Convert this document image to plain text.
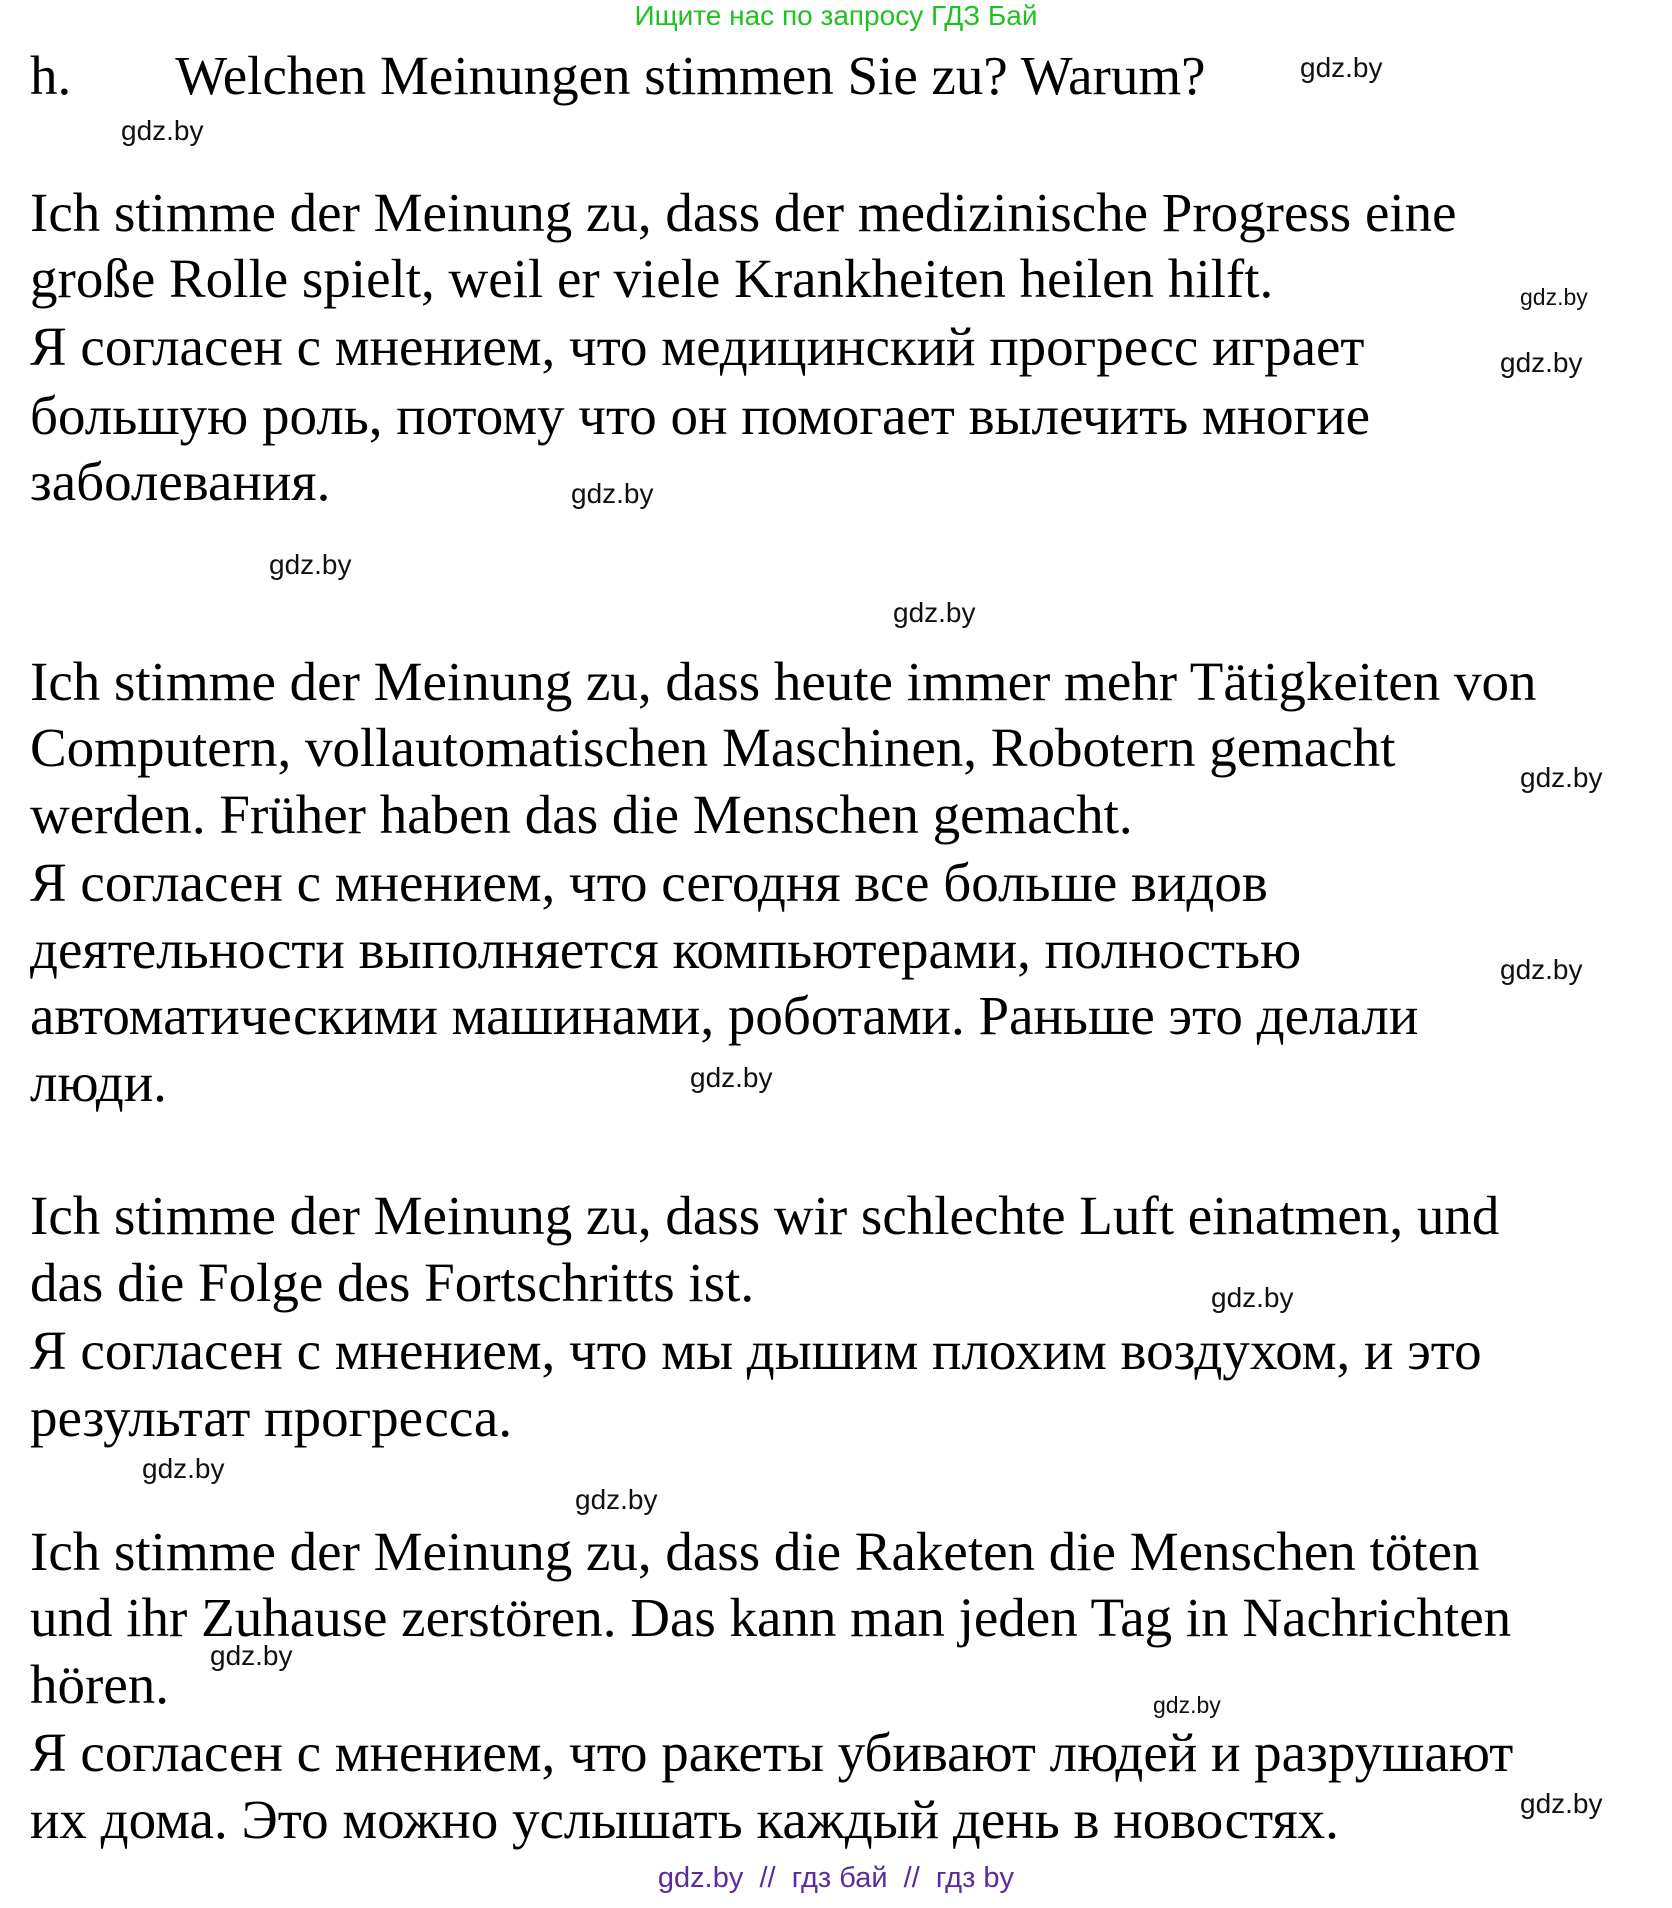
Ищите нас по запросу ГДЗ Бай
h. Welchen Meinungen stimmen Sie zu? Warum?
Ich stimme der Meinung zu, dass der medizinische Progress eine
große Rolle spielt, weil er viele Krankheiten heilen hilft.
Я согласен с мнением, что медицинский прогресс играет
большую роль, потому что он помогает вылечить многие
заболевания.
Ich stimme der Meinung zu, dass heute immer mehr Tätigkeiten von
Computern, vollautomatischen Maschinen, Robotern gemacht
werden. Früher haben das die Menschen gemacht.
Я согласен с мнением, что сегодня все больше видов
деятельности выполняется компьютерами, полностью
автоматическими машинами, роботами. Раньше это делали
люди.
Ich stimme der Meinung zu, dass wir schlechte Luft einatmen, und
das die Folge des Fortschritts ist.
Я согласен с мнением, что мы дышим плохим воздухом, и это
результат прогресса.
Ich stimme der Meinung zu, dass die Raketen die Menschen töten
und ihr Zuhause zerstören. Das kann man jeden Tag in Nachrichten
hören.
Я согласен с мнением, что ракеты убивают людей и разрушают
их дома. Это можно услышать каждый день в новостях.
gdz.by
gdz.by
gdz.by
gdz.by
gdz.by
gdz.by
gdz.by
gdz.by
gdz.by
gdz.by
gdz.by
gdz.by
gdz.by
gdz.by
gdz.by
gdz.by
gdz.by  //  гдз бай  //  гдз by
